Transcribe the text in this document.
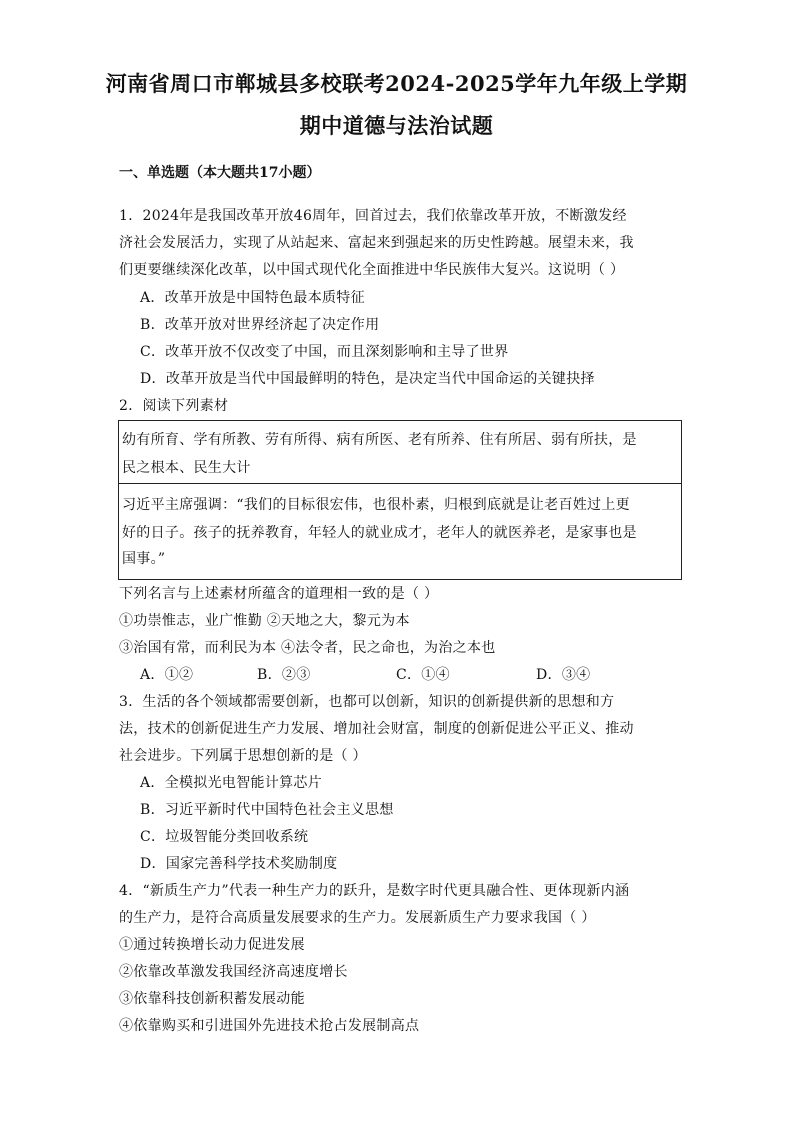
河南省周口市郸城县多校联考2024-2025学年九年级上学期
期中道德与法治试题
一、单选题（本大题共17小题）
1．2024年是我国改革开放46周年，回首过去，我们依靠改革开放，不断激发经
济社会发展活力，实现了从站起来、富起来到强起来的历史性跨越。展望未来，我
们更要继续深化改革，以中国式现代化全面推进中华民族伟大复兴。这说明（ ）
A．改革开放是中国特色最本质特征
B．改革开放对世界经济起了决定作用
C．改革开放不仅改变了中国，而且深刻影响和主导了世界
D．改革开放是当代中国最鲜明的特色，是决定当代中国命运的关键抉择
2．阅读下列素材
幼有所育、学有所教、劳有所得、病有所医、老有所养、住有所居、弱有所扶，是
民之根本、民生大计
习近平主席强调：“我们的目标很宏伟，也很朴素，归根到底就是让老百姓过上更
好的日子。孩子的抚养教育，年轻人的就业成才，老年人的就医养老，是家事也是
国事。”
下列名言与上述素材所蕴含的道理相一致的是（ ）
①功崇惟志，业广惟勤 ②天地之大，黎元为本
③治国有常，而利民为本 ④法令者，民之命也，为治之本也
A．①②	B．②③	C．①④	D．③④
3．生活的各个领域都需要创新，也都可以创新，知识的创新提供新的思想和方
法，技术的创新促进生产力发展、增加社会财富，制度的创新促进公平正义、推动
社会进步。下列属于思想创新的是（ ）
A．全模拟光电智能计算芯片
B．习近平新时代中国特色社会主义思想
C．垃圾智能分类回收系统
D．国家完善科学技术奖励制度
4．“新质生产力”代表一种生产力的跃升，是数字时代更具融合性、更体现新内涵
的生产力，是符合高质量发展要求的生产力。发展新质生产力要求我国（ ）
①通过转换增长动力促进发展
②依靠改革激发我国经济高速度增长
③依靠科技创新积蓄发展动能
④依靠购买和引进国外先进技术抢占发展制高点
